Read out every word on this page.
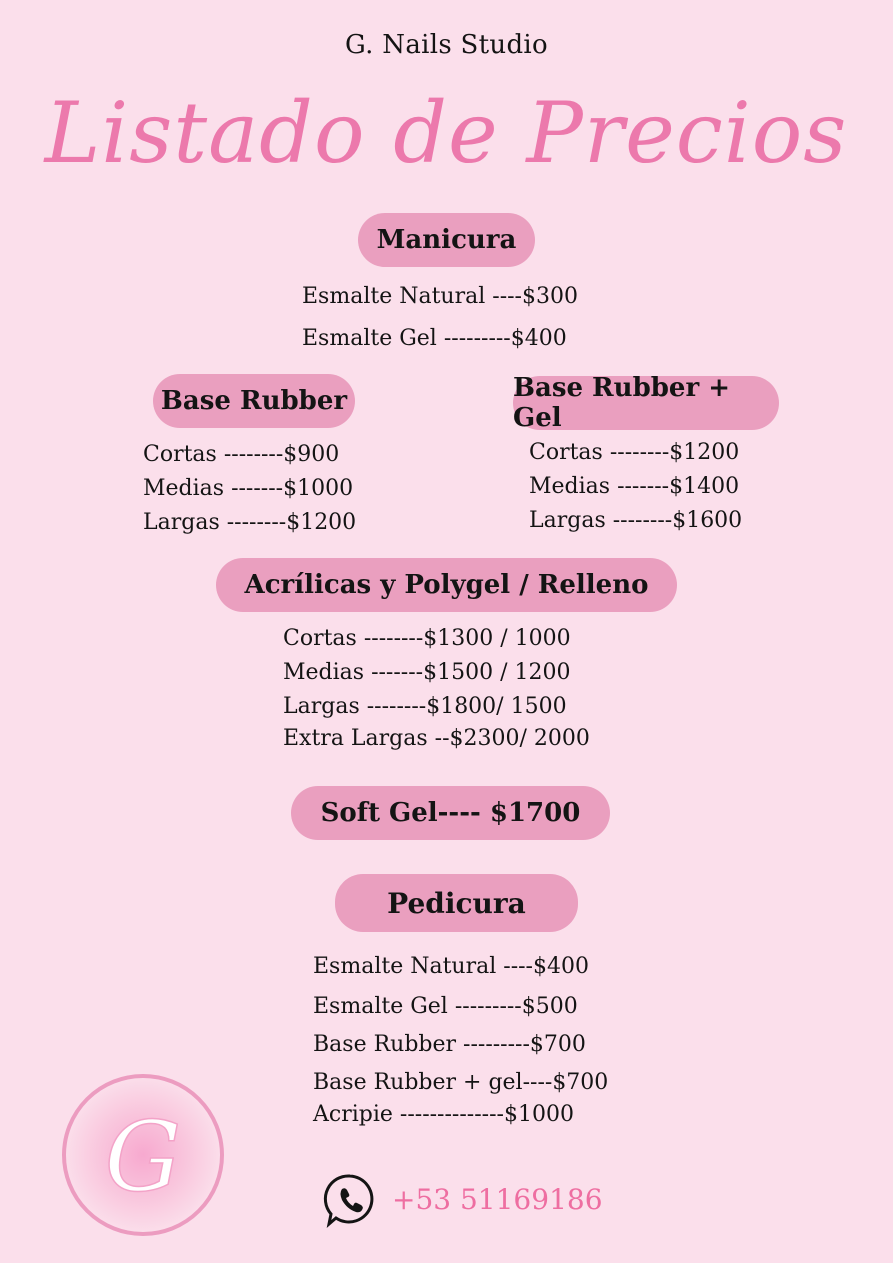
G. Nails Studio
Listado de Precios
Manicura
Esmalte Natural ----$300
Esmalte Gel ---------$400
Base Rubber
Cortas --------$900
Medias -------$1000
Largas --------$1200
Base Rubber + Gel
Cortas --------$1200
Medias -------$1400
Largas --------$1600
Acrílicas y Polygel / Relleno
Cortas --------$1300 / 1000
Medias -------$1500 / 1200
Largas --------$1800/ 1500
Extra Largas --$2300/ 2000
Soft Gel---- $1700
Pedicura
Esmalte Natural ----$400
Esmalte Gel ---------$500
Base Rubber ---------$700
Base Rubber + gel----$700
Acripie --------------$1000
G	+53 51169186
